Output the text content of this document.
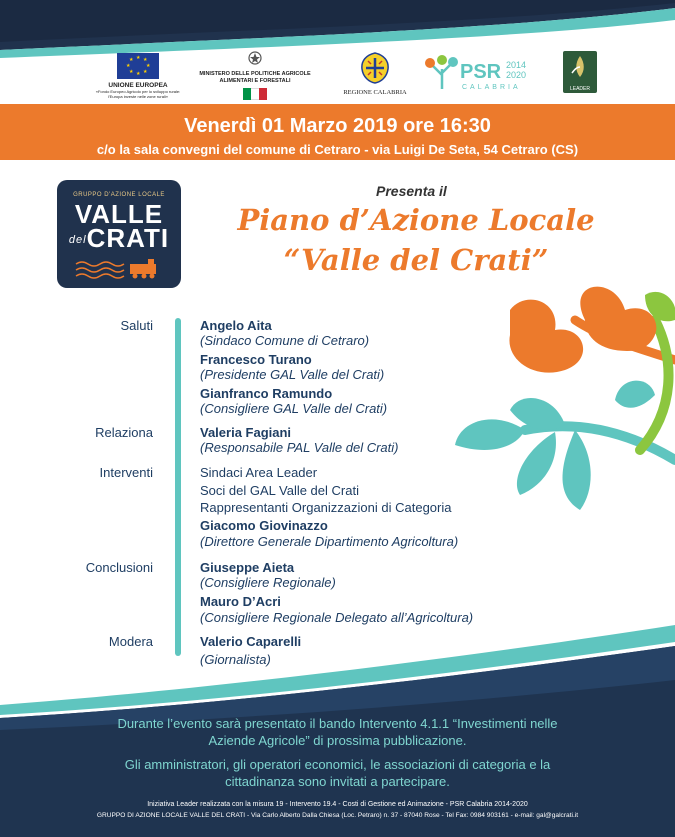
★ ★
★
★
★
★
★
★
UNIONE EUROPEA
«Fondo Europeo Agricolo per lo sviluppo rurale:
l'Europa investe nelle zone rurali»
MINISTERO DELLE POLITICHE AGRICOLE
ALIMENTARI E FORESTALI
REGIONE CALABRIA
PSR 2014
2020
CALABRIA	LEADER
Venerdì 01 Marzo 2019 ore 16:30
c/o la sala convegni del comune di Cetraro - via Luigi De Seta, 54 Cetraro (CS)
GRUPPO D'AZIONE LOCALE
VALLE
delCRATI
Presenta il
Piano d’Azione Locale
“Valle del Crati”
Saluti	Angelo Aita
(Sindaco Comune di Cetraro)
Francesco Turano
(Presidente GAL Valle del Crati)
Gianfranco Ramundo
(Consigliere GAL Valle del Crati)
Relaziona	Valeria Fagiani
(Responsabile PAL Valle del Crati)
Interventi	Sindaci Area Leader
Soci del GAL Valle del Crati
Rappresentanti Organizzazioni di Categoria
Giacomo Giovinazzo
(Direttore Generale Dipartimento Agricoltura)
Conclusioni	Giuseppe Aieta
(Consigliere Regionale)
Mauro D’Acri
(Consigliere Regionale Delegato all’Agricoltura)
Modera	Valerio Caparelli
(Giornalista)
Durante l’evento sarà presentato il bando Intervento 4.1.1 “Investimenti nelle
Aziende Agricole” di prossima pubblicazione.
Gli amministratori, gli operatori economici, le associazioni di categoria e la
cittadinanza sono invitati a partecipare.
Iniziativa Leader realizzata con la misura 19 - Intervento 19.4 - Costi di Gestione ed Animazione - PSR Calabria 2014-2020
GRUPPO DI AZIONE LOCALE VALLE DEL CRATI - Via Carlo Alberto Dalla Chiesa (Loc. Petraro) n. 37 - 87040 Rose - Tel Fax: 0984 903161 - e-mail: gal@galcrati.it
